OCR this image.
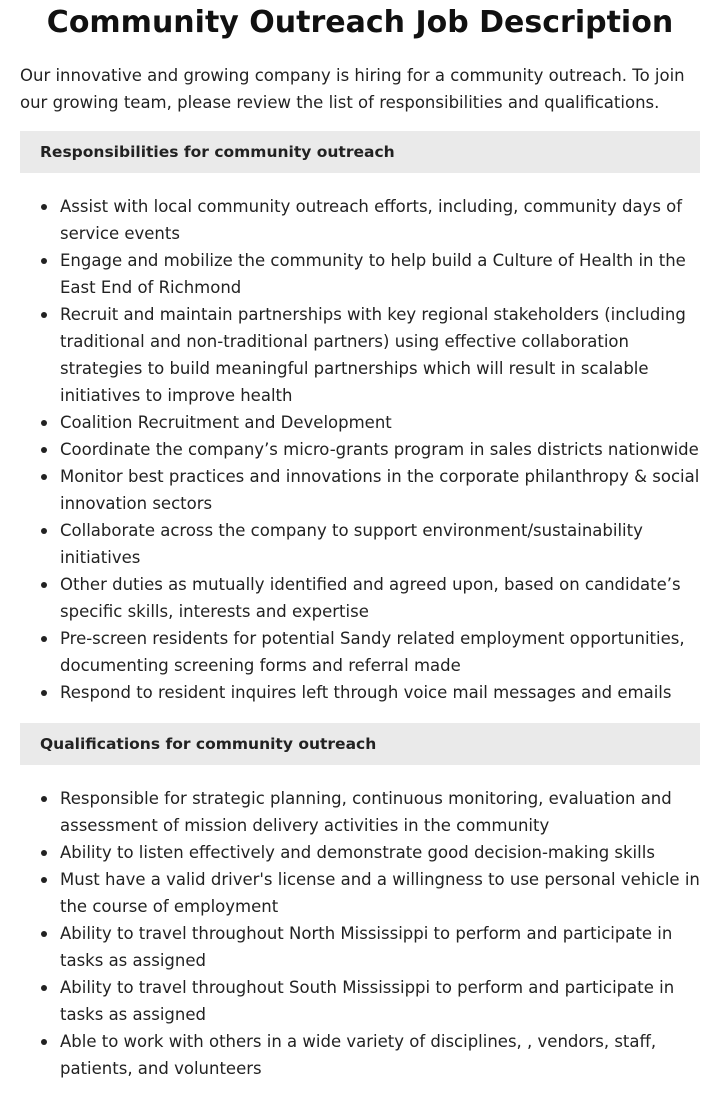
Community Outreach Job Description

Our innovative and growing company is hiring for a community outreach. To join our growing team, please review the list of responsibilities and qualifications.

Responsibilities for community outreach
Assist with local community outreach efforts, including, community days of service events
Engage and mobilize the community to help build a Culture of Health in the East End of Richmond
Recruit and maintain partnerships with key regional stakeholders (including traditional and non-traditional partners) using effective collaboration strategies to build meaningful partnerships which will result in scalable initiatives to improve health
Coalition Recruitment and Development
Coordinate the company’s micro-grants program in sales districts nationwide
Monitor best practices and innovations in the corporate philanthropy & social innovation sectors
Collaborate across the company to support environment/sustainability initiatives
Other duties as mutually identified and agreed upon, based on candidate’s specific skills, interests and expertise
Pre-screen residents for potential Sandy related employment opportunities, documenting screening forms and referral made
Respond to resident inquires left through voice mail messages and emails
Qualifications for community outreach
Responsible for strategic planning, continuous monitoring, evaluation and assessment of mission delivery activities in the community
Ability to listen effectively and demonstrate good decision-making skills
Must have a valid driver's license and a willingness to use personal vehicle in the course of employment
Ability to travel throughout North Mississippi to perform and participate in tasks as assigned
Ability to travel throughout South Mississippi to perform and participate in tasks as assigned
Able to work with others in a wide variety of disciplines, , vendors, staff, patients, and volunteers
